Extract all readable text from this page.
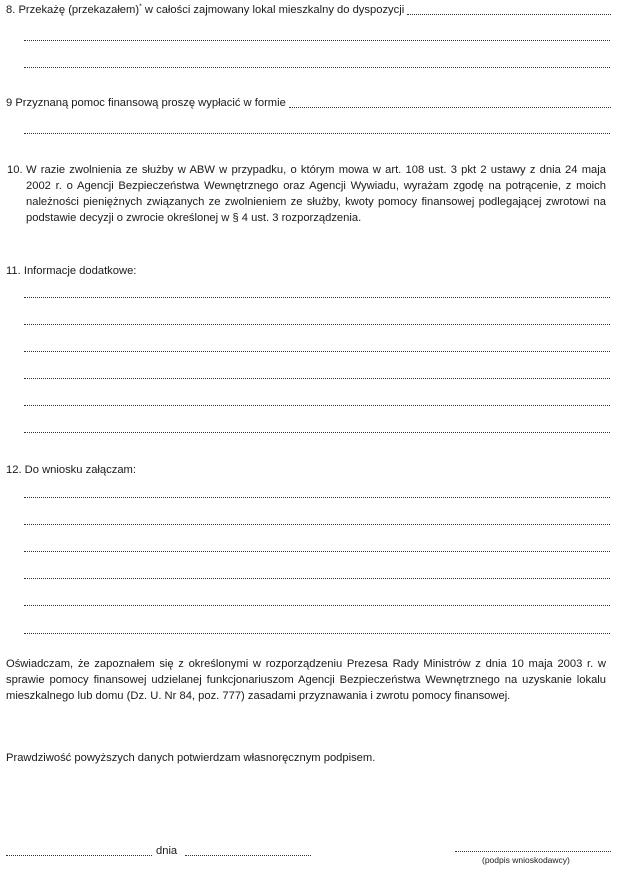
8. Przekażę (przekazałem)* w całości zajmowany lokal mieszkalny do dyspozycji
9 Przyznaną pomoc finansową proszę wypłacić w formie
10. W razie zwolnienia ze służby w ABW w przypadku, o którym mowa w art. 108 ust. 3 pkt 2 ustawy z dnia 24 maja 2002 r. o Agencji Bezpieczeństwa Wewnętrznego oraz Agencji Wywiadu, wyrażam zgodę na potrącenie, z moich należności pieniężnych związanych ze zwolnieniem ze służby, kwoty pomocy finansowej podlegającej zwrotowi na podstawie decyzji o zwrocie określonej w § 4 ust. 3 rozporządzenia.
11. Informacje dodatkowe:
12. Do wniosku załączam:
Oświadczam, że zapoznałem się z określonymi w rozporządzeniu Prezesa Rady Ministrów z dnia 10 maja 2003 r. w sprawie pomocy finansowej udzielanej funkcjonariuszom Agencji Bezpieczeństwa Wewnętrznego na uzyskanie lokalu mieszkalnego lub domu (Dz. U. Nr 84, poz. 777) zasadami przyznawania i zwrotu pomocy finansowej.
Prawdziwość powyższych danych potwierdzam własnoręcznym podpisem.
dnia
(podpis wnioskodawcy)
